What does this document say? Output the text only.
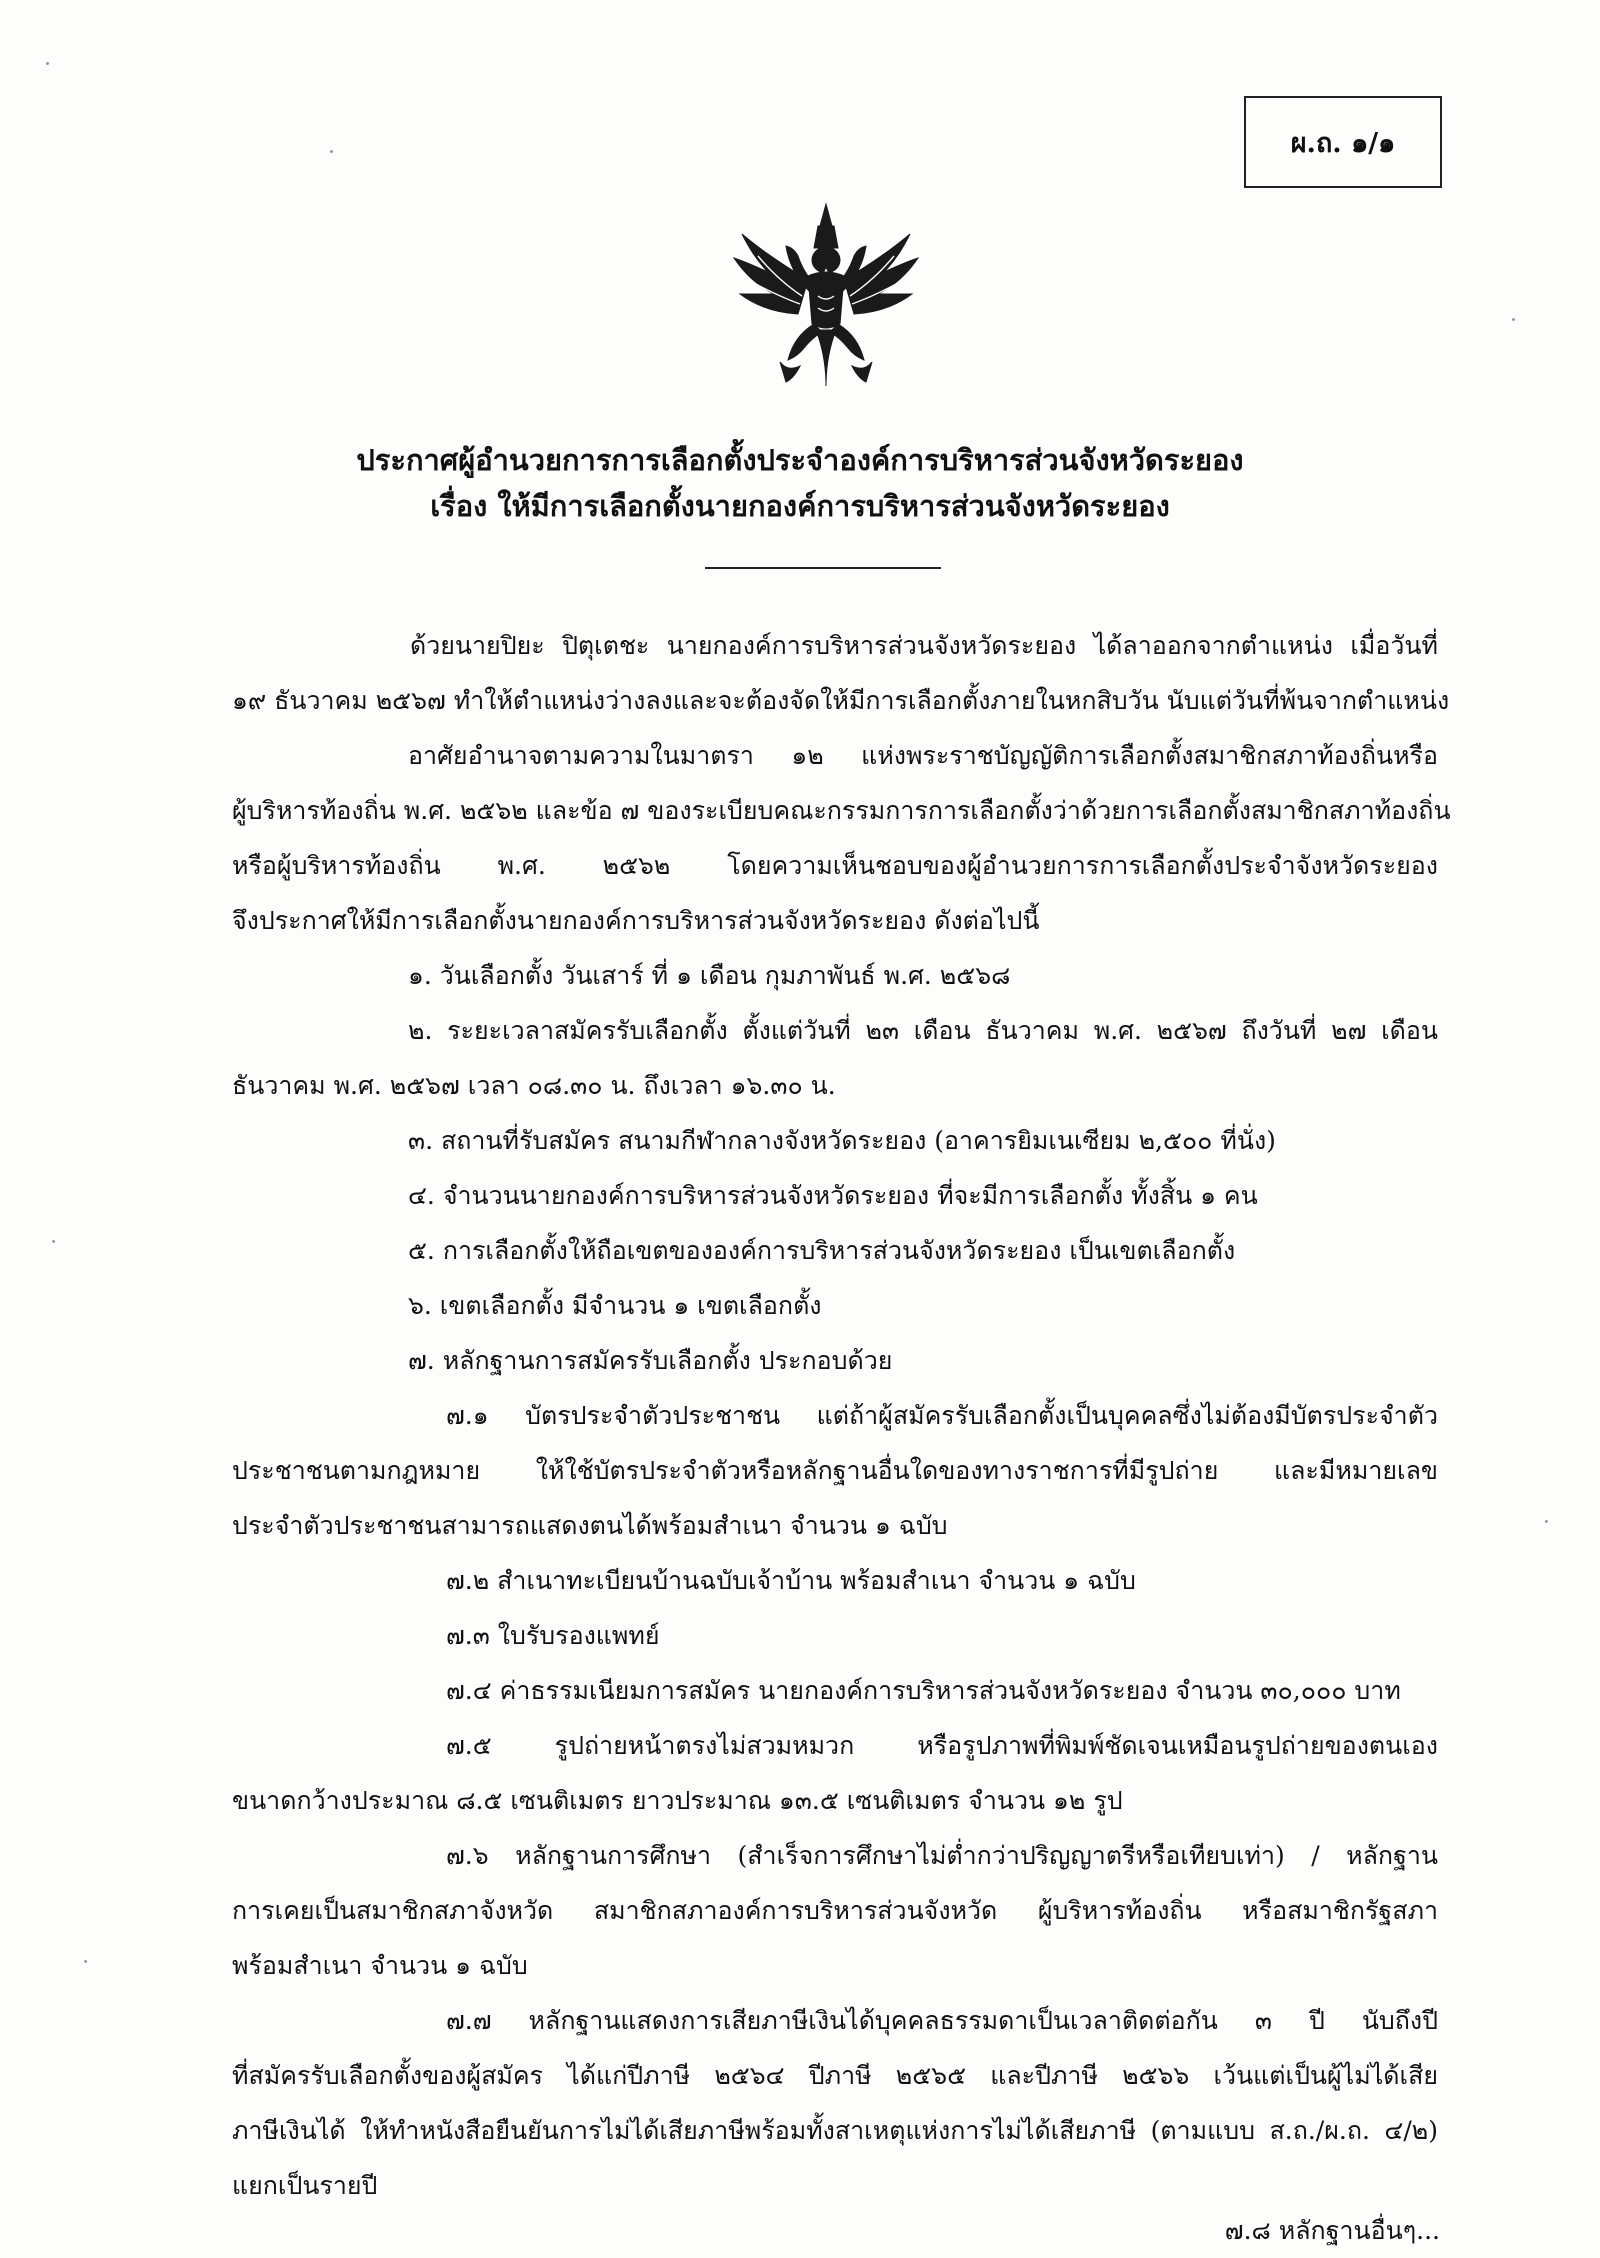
ผ.ถ. ๑/๑
ประกาศผู้อำนวยการการเลือกตั้งประจำองค์การบริหารส่วนจังหวัดระยอง
เรื่อง ให้มีการเลือกตั้งนายกองค์การบริหารส่วนจังหวัดระยอง
ด้วยนายปิยะ ปิตุเตชะ นายกองค์การบริหารส่วนจังหวัดระยอง ได้ลาออกจากตำแหน่ง เมื่อวันที่
๑๙ ธันวาคม ๒๕๖๗ ทำให้ตำแหน่งว่างลงและจะต้องจัดให้มีการเลือกตั้งภายในหกสิบวัน นับแต่วันที่พ้นจากตำแหน่ง
อาศัยอำนาจตามความในมาตรา ๑๒ แห่งพระราชบัญญัติการเลือกตั้งสมาชิกสภาท้องถิ่นหรือ
ผู้บริหารท้องถิ่น พ.ศ. ๒๕๖๒ และข้อ ๗ ของระเบียบคณะกรรมการการเลือกตั้งว่าด้วยการเลือกตั้งสมาชิกสภาท้องถิ่น
หรือผู้บริหารท้องถิ่น พ.ศ. ๒๕๖๒ โดยความเห็นชอบของผู้อำนวยการการเลือกตั้งประจำจังหวัดระยอง
จึงประกาศให้มีการเลือกตั้งนายกองค์การบริหารส่วนจังหวัดระยอง ดังต่อไปนี้
๑. วันเลือกตั้ง วันเสาร์ ที่ ๑ เดือน กุมภาพันธ์ พ.ศ. ๒๕๖๘
๒. ระยะเวลาสมัครรับเลือกตั้ง ตั้งแต่วันที่ ๒๓ เดือน ธันวาคม พ.ศ. ๒๕๖๗ ถึงวันที่ ๒๗ เดือน
ธันวาคม พ.ศ. ๒๕๖๗ เวลา ๐๘.๓๐ น. ถึงเวลา ๑๖.๓๐ น.
๓. สถานที่รับสมัคร สนามกีฬากลางจังหวัดระยอง (อาคารยิมเนเซียม ๒,๕๐๐ ที่นั่ง)
๔. จำนวนนายกองค์การบริหารส่วนจังหวัดระยอง ที่จะมีการเลือกตั้ง ทั้งสิ้น ๑ คน
๕. การเลือกตั้งให้ถือเขตขององค์การบริหารส่วนจังหวัดระยอง เป็นเขตเลือกตั้ง
๖. เขตเลือกตั้ง มีจำนวน ๑ เขตเลือกตั้ง
๗. หลักฐานการสมัครรับเลือกตั้ง ประกอบด้วย
๗.๑ บัตรประจำตัวประชาชน แต่ถ้าผู้สมัครรับเลือกตั้งเป็นบุคคลซึ่งไม่ต้องมีบัตรประจำตัว
ประชาชนตามกฎหมาย ให้ใช้บัตรประจำตัวหรือหลักฐานอื่นใดของทางราชการที่มีรูปถ่าย และมีหมายเลข
ประจำตัวประชาชนสามารถแสดงตนได้พร้อมสำเนา จำนวน ๑ ฉบับ
๗.๒ สำเนาทะเบียนบ้านฉบับเจ้าบ้าน พร้อมสำเนา จำนวน ๑ ฉบับ
๗.๓ ใบรับรองแพทย์
๗.๔ ค่าธรรมเนียมการสมัคร นายกองค์การบริหารส่วนจังหวัดระยอง จำนวน ๓๐,๐๐๐ บาท
๗.๕ รูปถ่ายหน้าตรงไม่สวมหมวก หรือรูปภาพที่พิมพ์ชัดเจนเหมือนรูปถ่ายของตนเอง
ขนาดกว้างประมาณ ๘.๕ เซนติเมตร ยาวประมาณ ๑๓.๕ เซนติเมตร จำนวน ๑๒ รูป
๗.๖ หลักฐานการศึกษา (สำเร็จการศึกษาไม่ต่ำกว่าปริญญาตรีหรือเทียบเท่า) / หลักฐาน
การเคยเป็นสมาชิกสภาจังหวัด สมาชิกสภาองค์การบริหารส่วนจังหวัด ผู้บริหารท้องถิ่น หรือสมาชิกรัฐสภา
พร้อมสำเนา จำนวน ๑ ฉบับ
๗.๗ หลักฐานแสดงการเสียภาษีเงินได้บุคคลธรรมดาเป็นเวลาติดต่อกัน ๓ ปี นับถึงปี
ที่สมัครรับเลือกตั้งของผู้สมัคร ได้แก่ปีภาษี ๒๕๖๔ ปีภาษี ๒๕๖๕ และปีภาษี ๒๕๖๖ เว้นแต่เป็นผู้ไม่ได้เสีย
ภาษีเงินได้ ให้ทำหนังสือยืนยันการไม่ได้เสียภาษีพร้อมทั้งสาเหตุแห่งการไม่ได้เสียภาษี (ตามแบบ ส.ถ./ผ.ถ. ๔/๒)
แยกเป็นรายปี
๗.๘ หลักฐานอื่นๆ...
